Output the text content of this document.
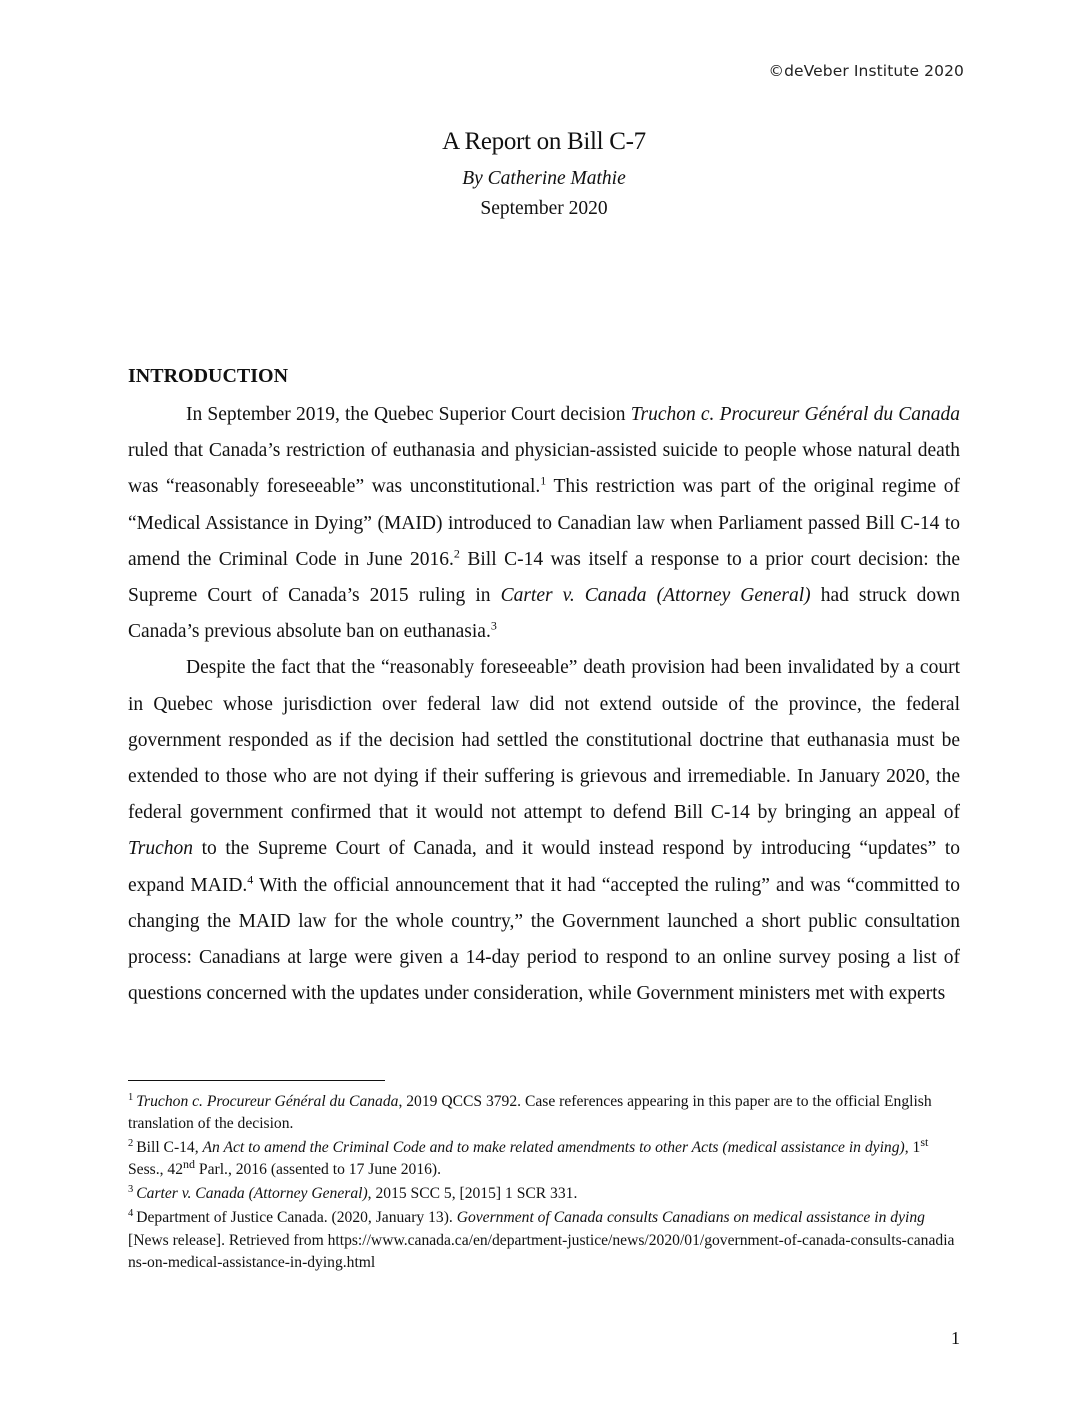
©deVeber Institute 2020
A Report on Bill C-7
By Catherine Mathie
September 2020
INTRODUCTION

In September 2019, the Quebec Superior Court decision Truchon c. Procureur Général du Canada ruled that Canada’s restriction of euthanasia and physician-assisted suicide to people whose natural death was “reasonably foreseeable” was unconstitutional.$^1$ This restriction was part of the original regime of “Medical Assistance in Dying” (MAID) introduced to Canadian law when Parliament passed Bill C-14 to amend the Criminal Code in June 2016.$^2$ Bill C-14 was itself a response to a prior court decision: the Supreme Court of Canada’s 2015 ruling in Carter v. Canada (Attorney General) had struck down Canada’s previous absolute ban on euthanasia.$^3$

Despite the fact that the “reasonably foreseeable” death provision had been invalidated by a court in Quebec whose jurisdiction over federal law did not extend outside of the province, the federal government responded as if the decision had settled the constitutional doctrine that euthanasia must be extended to those who are not dying if their suffering is grievous and irremediable. In January 2020, the federal government confirmed that it would not attempt to defend Bill C-14 by bringing an appeal of Truchon to the Supreme Court of Canada, and it would instead respond by introducing “updates” to expand MAID.$^4$ With the official announcement that it had “accepted the ruling” and was “committed to changing the MAID law for the whole country,” the Government launched a short public consultation process: Canadians at large were given a 14-day period to respond to an online survey posing a list of questions concerned with the updates under consideration, while Government ministers met with experts

$^1$ Truchon c. Procureur Général du Canada, 2019 QCCS 3792. Case references appearing in this paper are to the official English translation of the decision.
$^2$ Bill C-14, An Act to amend the Criminal Code and to make related amendments to other Acts (medical assistance in dying), 1st Sess., 42nd Parl., 2016 (assented to 17 June 2016).
$^3$ Carter v. Canada (Attorney General), 2015 SCC 5, [2015] 1 SCR 331.
$^4$ Department of Justice Canada. (2020, January 13). Government of Canada consults Canadians on medical assistance in dying [News release]. Retrieved from https://www.canada.ca/en/department-justice/news/2020/01/government-of-canada-consults-canadians-on-medical-assistance-in-dying.html
1
